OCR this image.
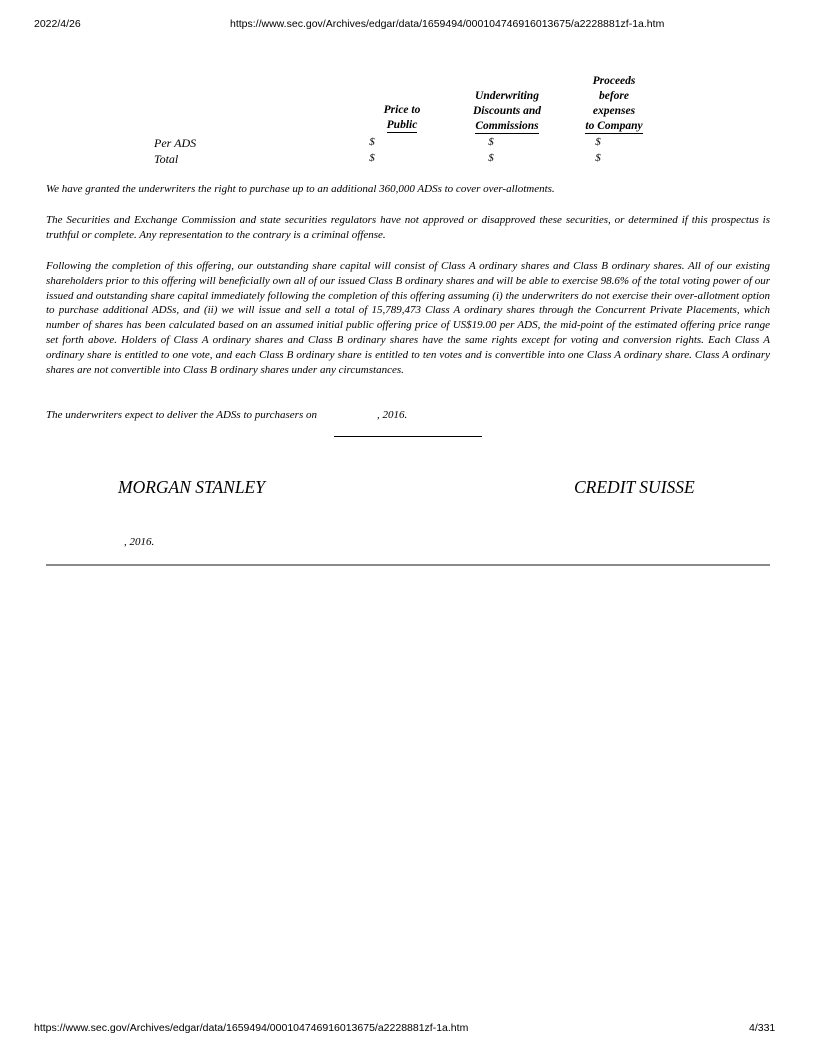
2022/4/26	https://www.sec.gov/Archives/edgar/data/1659494/000104746916013675/a2228881zf-1a.htm
Price to
Public
Underwriting
Discounts and
Commissions
Proceeds
before
expenses
to Company
Per ADS	$	$	$
Total	$	$	$
We have granted the underwriters the right to purchase up to an additional 360,000 ADSs to cover over-allotments.
The Securities and Exchange Commission and state securities regulators have not approved or disapproved these securities, or determined if this prospectus is truthful or complete. Any representation to the contrary is a criminal offense.
Following the completion of this offering, our outstanding share capital will consist of Class A ordinary shares and Class B ordinary shares. All of our existing shareholders prior to this offering will beneficially own all of our issued Class B ordinary shares and will be able to exercise 98.6% of the total voting power of our issued and outstanding share capital immediately following the completion of this offering assuming (i) the underwriters do not exercise their over-allotment option to purchase additional ADSs, and (ii) we will issue and sell a total of 15,789,473 Class A ordinary shares through the Concurrent Private Placements, which number of shares has been calculated based on an assumed initial public offering price of US$19.00 per ADS, the mid-point of the estimated offering price range set forth above. Holders of Class A ordinary shares and Class B ordinary shares have the same rights except for voting and conversion rights. Each Class A ordinary share is entitled to one vote, and each Class B ordinary share is entitled to ten votes and is convertible into one Class A ordinary share. Class A ordinary shares are not convertible into Class B ordinary shares under any circumstances.
The underwriters expect to deliver the ADSs to purchasers on	, 2016.
MORGAN STANLEY	CREDIT SUISSE
, 2016.
https://www.sec.gov/Archives/edgar/data/1659494/000104746916013675/a2228881zf-1a.htm	4/331
